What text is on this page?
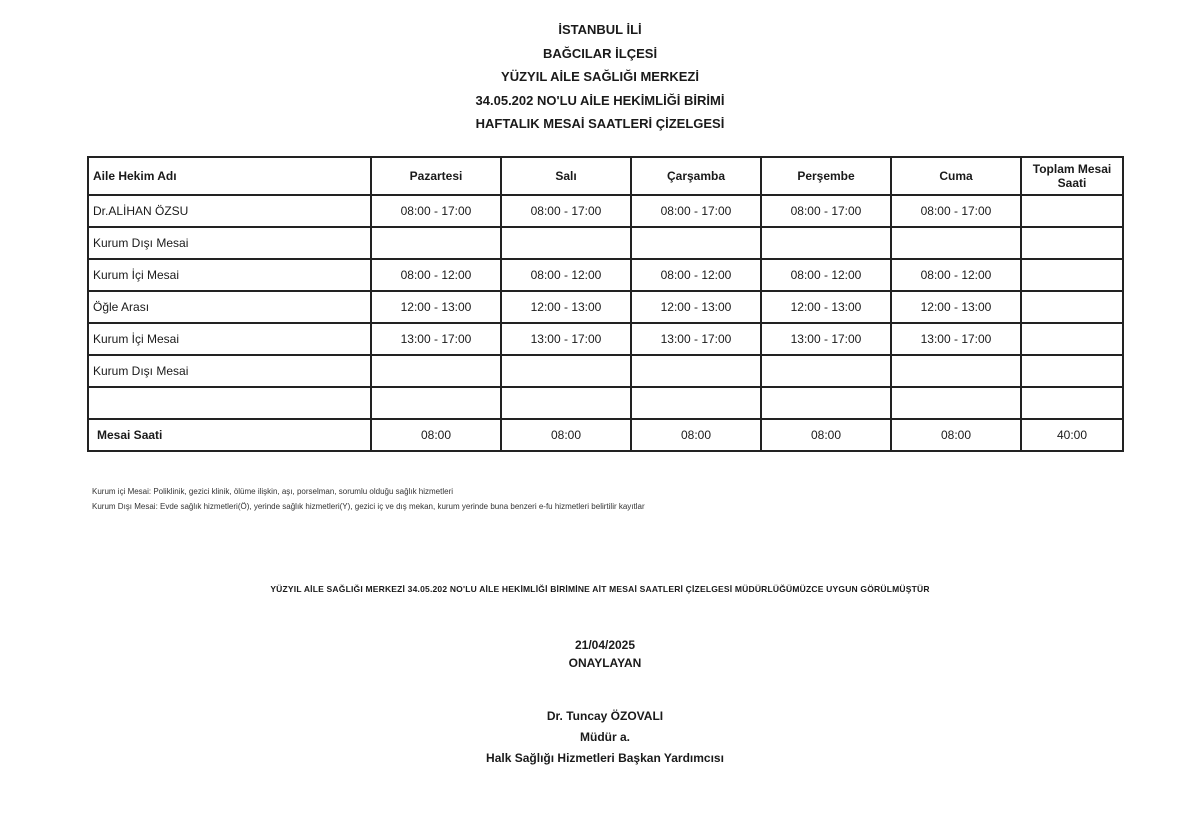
İSTANBUL İLİ
BAĞCILAR İLÇESİ
YÜZYIL AİLE SAĞLIĞI MERKEZİ
34.05.202 NO'LU AİLE HEKİMLİĞİ BİRİMİ
HAFTALIK MESAİ SAATLERİ ÇİZELGESİ
Aile Hekim Adı	Pazartesi	Salı	Çarşamba	Perşembe	Cuma	Toplam Mesai Saati
Dr.ALİHAN ÖZSU	08:00 - 17:00	08:00 - 17:00	08:00 - 17:00	08:00 - 17:00	08:00 - 17:00	
Kurum Dışı Mesai						
Kurum İçi Mesai	08:00 - 12:00	08:00 - 12:00	08:00 - 12:00	08:00 - 12:00	08:00 - 12:00	
Öğle Arası	12:00 - 13:00	12:00 - 13:00	12:00 - 13:00	12:00 - 13:00	12:00 - 13:00	
Kurum İçi Mesai	13:00 - 17:00	13:00 - 17:00	13:00 - 17:00	13:00 - 17:00	13:00 - 17:00	
Kurum Dışı Mesai						

Mesai Saati	08:00	08:00	08:00	08:00	08:00	40:00
Kurum içi Mesai: Poliklinik, gezici klinik, ölüme ilişkin, aşı, porselman, sorumlu olduğu sağlık hizmetleri
Kurum Dışı Mesai: Evde sağlık hizmetleri(Ö), yerinde sağlık hizmetleri(Y), gezici iç ve dış mekan, kurum yerinde buna benzeri e-fu hizmetleri belirtilir kayıtlar
YÜZYIL AİLE SAĞLIĞI MERKEZİ 34.05.202 NO'LU AİLE HEKİMLİĞİ BİRİMİNE AİT MESAİ SAATLERİ ÇİZELGESİ MÜDÜRLÜĞÜMÜZCE UYGUN GÖRÜLMÜŞTÜR
21/04/2025
ONAYLAYAN
Dr. Tuncay ÖZOVALI
Müdür a.
Halk Sağlığı Hizmetleri Başkan Yardımcısı
